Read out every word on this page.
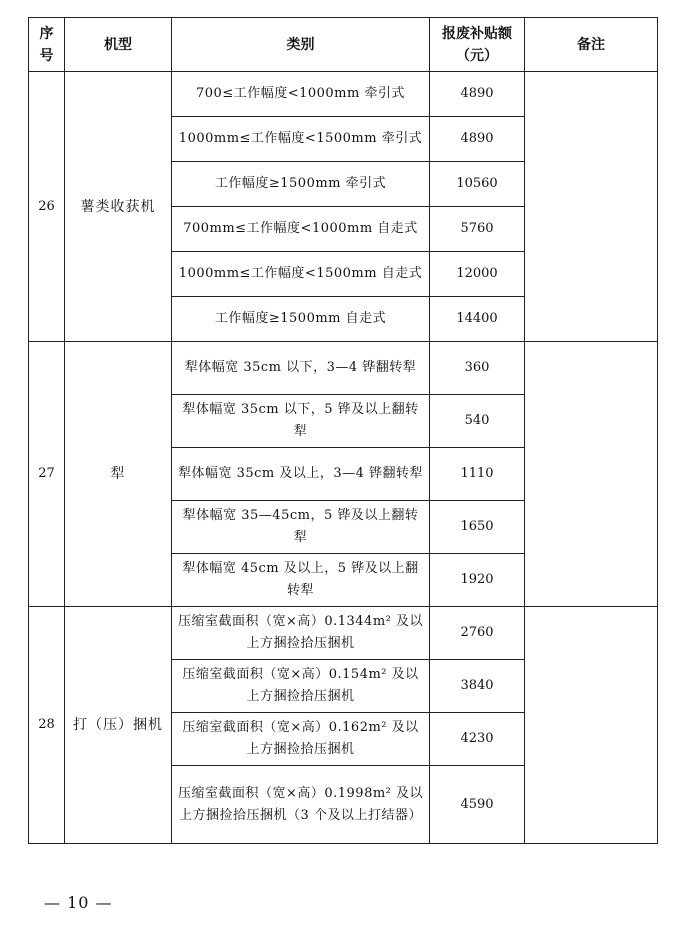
序号	机型	类别	报废补贴额（元）	备注
26	薯类收获机	700≤工作幅度<1000mm 牵引式	4890	
		1000mm≤工作幅度<1500mm 牵引式	4890	
		工作幅度≥1500mm 牵引式	10560	
		700mm≤工作幅度<1000mm 自走式	5760	
		1000mm≤工作幅度<1500mm 自走式	12000	
		工作幅度≥1500mm 自走式	14400	
27	犁	犁体幅宽 35cm 以下，3—4 铧翻转犁	360	
		犁体幅宽 35cm 以下，5 铧及以上翻转犁	540	
		犁体幅宽 35cm 及以上，3—4 铧翻转犁	1110	
		犁体幅宽 35—45cm，5 铧及以上翻转犁	1650	
		犁体幅宽 45cm 及以上，5 铧及以上翻转犁	1920	
28	打（压）捆机	压缩室截面积（宽×高）0.1344m² 及以上方捆捡拾压捆机	2760	
		压缩室截面积（宽×高）0.154m² 及以上方捆捡拾压捆机	3840	
		压缩室截面积（宽×高）0.162m² 及以上方捆捡拾压捆机	4230	
		压缩室截面积（宽×高）0.1998m² 及以上方捆捡拾压捆机（3 个及以上打结器）	4590	
— 10 —
